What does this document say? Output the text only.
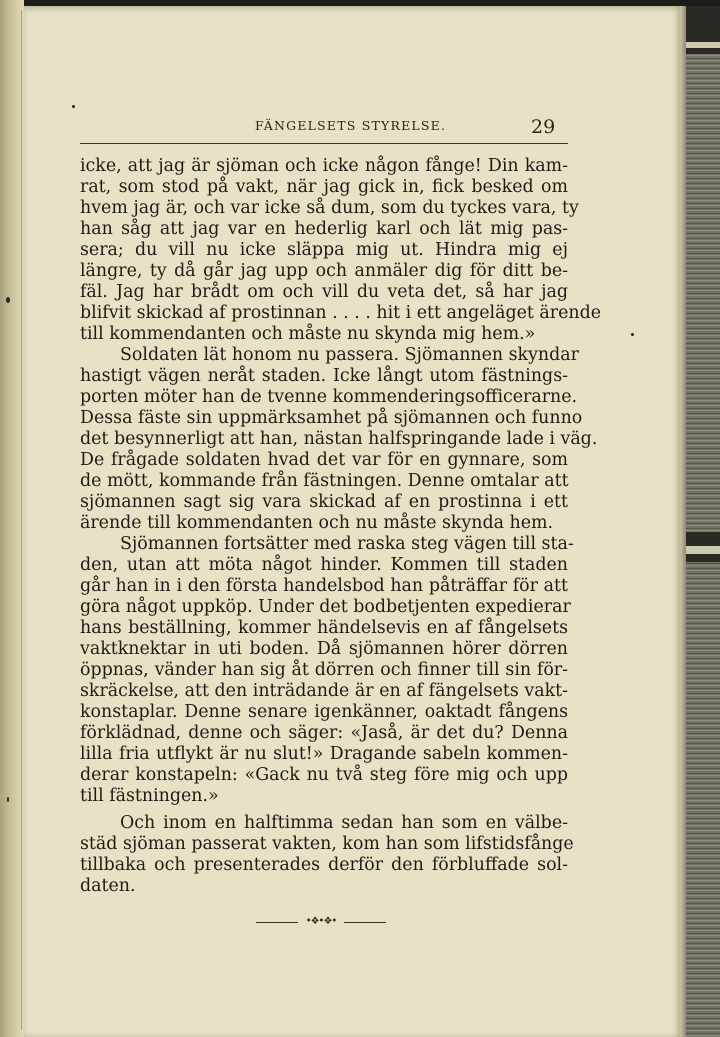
FÄNGELSETS STYRELSE.	29
icke, att jag är sjöman och icke någon fånge! Din kam-
rat, som stod på vakt, när jag gick in, fick besked om
hvem jag är, och var icke så dum, som du tyckes vara, ty
han såg att jag var en hederlig karl och lät mig pas-
sera; du vill nu icke släppa mig ut. Hindra mig ej
längre, ty då går jag upp och anmäler dig för ditt be-
fäl. Jag har brådt om och vill du veta det, så har jag
blifvit skickad af prostinnan . . . . hit i ett angeläget ärende
till kommendanten och måste nu skynda mig hem.»
Soldaten lät honom nu passera. Sjömannen skyndar
hastigt vägen neråt staden. Icke långt utom fästnings-
porten möter han de tvenne kommenderingsofficerarne.
Dessa fäste sin uppmärksamhet på sjömannen och funno
det besynnerligt att han, nästan halfspringande lade i väg.
De frågade soldaten hvad det var för en gynnare, som
de mött, kommande från fästningen. Denne omtalar att
sjömannen sagt sig vara skickad af en prostinna i ett
ärende till kommendanten och nu måste skynda hem.
Sjömannen fortsätter med raska steg vägen till sta-
den, utan att möta något hinder. Kommen till staden
går han in i den första handelsbod han påträffar för att
göra något uppköp. Under det bodbetjenten expedierar
hans beställning, kommer händelsevis en af fångelsets
vaktknektar in uti boden. Då sjömannen hörer dörren
öppnas, vänder han sig åt dörren och finner till sin för-
skräckelse, att den inträdande är en af fängelsets vakt-
konstaplar. Denne senare igenkänner, oaktadt fångens
förklädnad, denne och säger: «Jaså, är det du? Denna
lilla fria utflykt är nu slut!» Dragande sabeln kommen-
derar konstapeln: «Gack nu två steg före mig och upp
till fästningen.»
Och inom en halftimma sedan han som en välbe-
städ sjöman passerat vakten, kom han som lifstidsfånge
tillbaka och presenterades derför den förbluffade sol-
daten.
•❖•❖•
